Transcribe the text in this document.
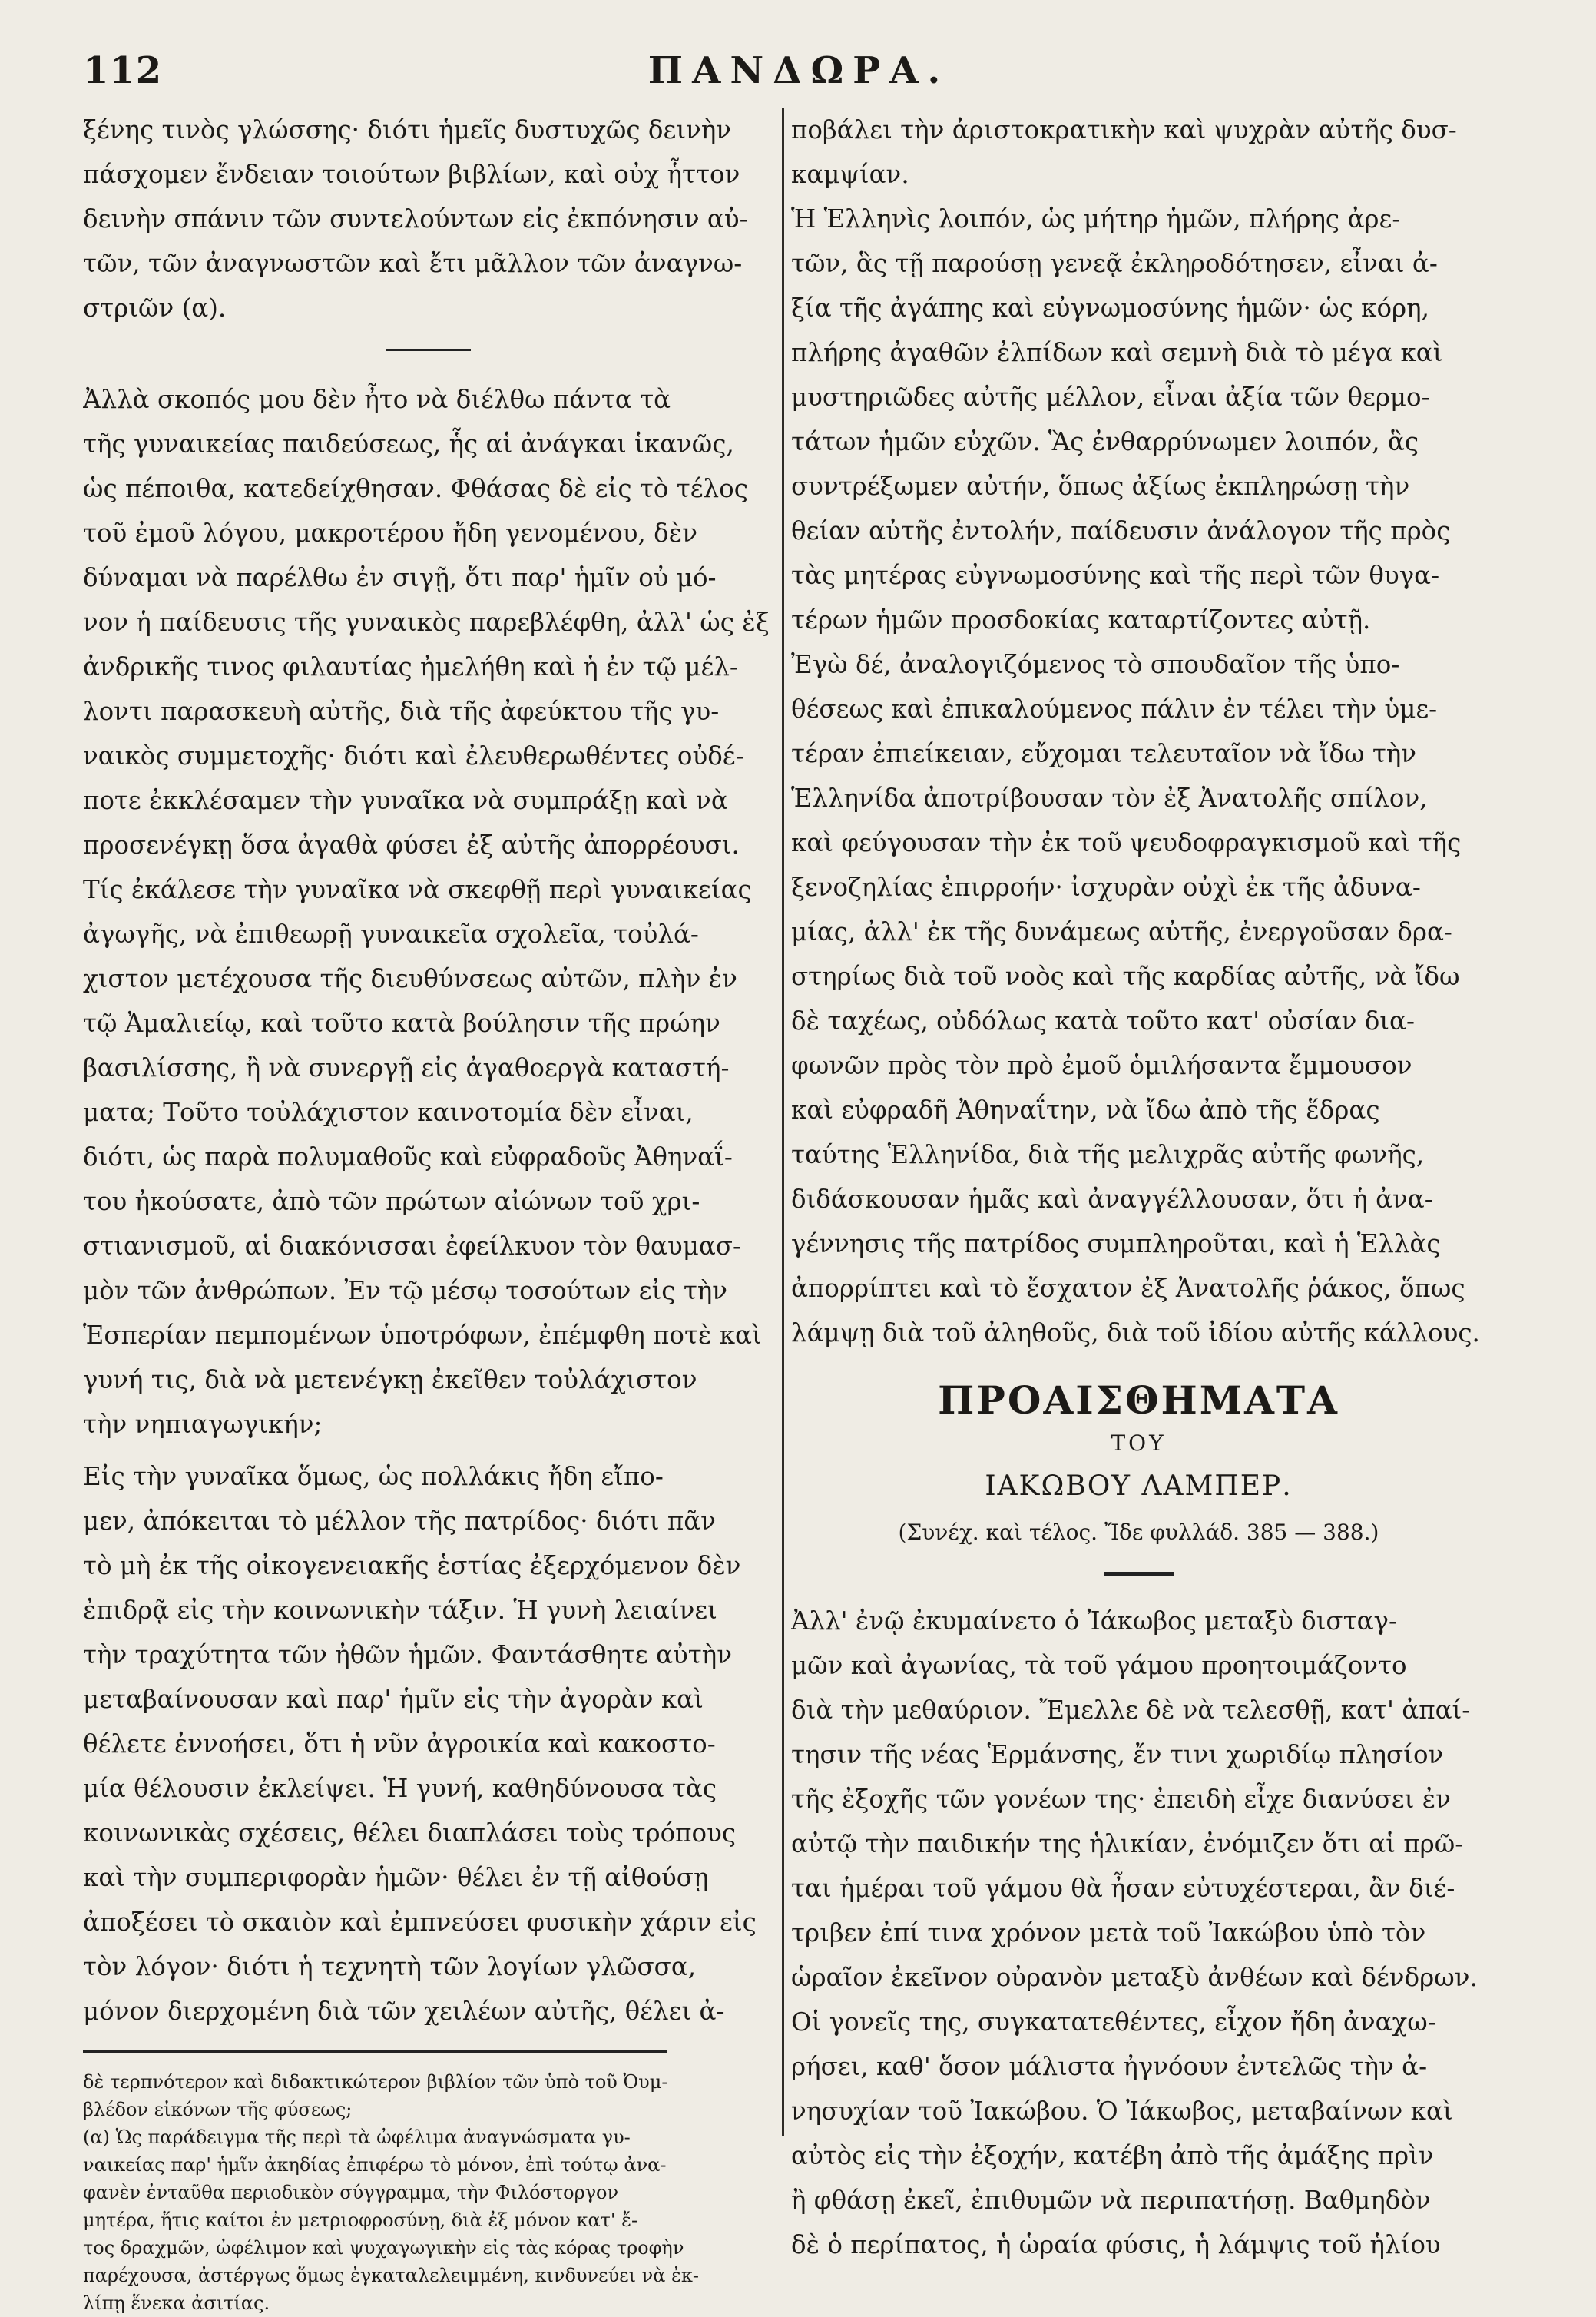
112	ΠΑΝΔΩΡΑ.
ξένης τινὸς γλώσσης· διότι ἡμεῖς δυστυχῶς δεινὴν
πάσχομεν ἔνδειαν τοιούτων βιβλίων, καὶ οὐχ ἧττον
δεινὴν σπάνιν τῶν συντελούντων εἰς ἐκπόνησιν αὐ-
τῶν, τῶν ἀναγνωστῶν καὶ ἔτι μᾶλλον τῶν ἀναγνω-
στριῶν (α).
Ἀλλὰ σκοπός μου δὲν ἦτο νὰ διέλθω πάντα τὰ
τῆς γυναικείας παιδεύσεως, ἧς αἱ ἀνάγκαι ἱκανῶς,
ὡς πέποιθα, κατεδείχθησαν. Φθάσας δὲ εἰς τὸ τέλος
τοῦ ἐμοῦ λόγου, μακροτέρου ἤδη γενομένου, δὲν
δύναμαι νὰ παρέλθω ἐν σιγῇ, ὅτι παρ' ἡμῖν οὐ μό-
νον ἡ παίδευσις τῆς γυναικὸς παρεβλέφθη, ἀλλ' ὡς ἐξ
ἀνδρικῆς τινος φιλαυτίας ἠμελήθη καὶ ἡ ἐν τῷ μέλ-
λοντι παρασκευὴ αὐτῆς, διὰ τῆς ἀφεύκτου τῆς γυ-
ναικὸς συμμετοχῆς· διότι καὶ ἐλευθερωθέντες οὐδέ-
ποτε ἐκκλέσαμεν τὴν γυναῖκα νὰ συμπράξῃ καὶ νὰ
προσενέγκῃ ὅσα ἀγαθὰ φύσει ἐξ αὐτῆς ἀπορρέουσι.
Τίς ἐκάλεσε τὴν γυναῖκα νὰ σκεφθῇ περὶ γυναικείας
ἀγωγῆς, νὰ ἐπιθεωρῇ γυναικεῖα σχολεῖα, τοὐλά-
χιστον μετέχουσα τῆς διευθύνσεως αὐτῶν, πλὴν ἐν
τῷ Ἀμαλιείῳ, καὶ τοῦτο κατὰ βούλησιν τῆς πρώην
βασιλίσσης, ἢ νὰ συνεργῇ εἰς ἀγαθοεργὰ καταστή-
ματα; Τοῦτο τοὐλάχιστον καινοτομία δὲν εἶναι,
διότι, ὡς παρὰ πολυμαθοῦς καὶ εὐφραδοῦς Ἀθηναΐ-
του ἠκούσατε, ἀπὸ τῶν πρώτων αἰώνων τοῦ χρι-
στιανισμοῦ, αἱ διακόνισσαι ἐφείλκυον τὸν θαυμασ-
μὸν τῶν ἀνθρώπων. Ἐν τῷ μέσῳ τοσούτων εἰς τὴν
Ἑσπερίαν πεμπομένων ὑποτρόφων, ἐπέμφθη ποτὲ καὶ
γυνή τις, διὰ νὰ μετενέγκῃ ἐκεῖθεν τοὐλάχιστον
τὴν νηπιαγωγικήν;
Εἰς τὴν γυναῖκα ὅμως, ὡς πολλάκις ἤδη εἴπο-
μεν, ἀπόκειται τὸ μέλλον τῆς πατρίδος· διότι πᾶν
τὸ μὴ ἐκ τῆς οἰκογενειακῆς ἑστίας ἐξερχόμενον δὲν
ἐπιδρᾷ εἰς τὴν κοινωνικὴν τάξιν. Ἡ γυνὴ λειαίνει
τὴν τραχύτητα τῶν ἠθῶν ἡμῶν. Φαντάσθητε αὐτὴν
μεταβαίνουσαν καὶ παρ' ἡμῖν εἰς τὴν ἀγορὰν καὶ
θέλετε ἐννοήσει, ὅτι ἡ νῦν ἀγροικία καὶ κακοστο-
μία θέλουσιν ἐκλείψει. Ἡ γυνή, καθηδύνουσα τὰς
κοινωνικὰς σχέσεις, θέλει διαπλάσει τοὺς τρόπους
καὶ τὴν συμπεριφορὰν ἡμῶν· θέλει ἐν τῇ αἰθούσῃ
ἀποξέσει τὸ σκαιὸν καὶ ἐμπνεύσει φυσικὴν χάριν εἰς
τὸν λόγον· διότι ἡ τεχνητὴ τῶν λογίων γλῶσσα,
μόνον διερχομένη διὰ τῶν χειλέων αὐτῆς, θέλει ἀ-
δὲ τερπνότερον καὶ διδακτικώτερον βιβλίον τῶν ὑπὸ τοῦ Ὀυμ-
βλέδον εἰκόνων τῆς φύσεως;
(α) Ὡς παράδειγμα τῆς περὶ τὰ ὠφέλιμα ἀναγνώσματα γυ-
ναικείας παρ' ἡμῖν ἀκηδίας ἐπιφέρω τὸ μόνον, ἐπὶ τούτῳ ἀνα-
φανὲν ἐνταῦθα περιοδικὸν σύγγραμμα, τὴν Φιλόστοργον
μητέρα, ἥτις καίτοι ἐν μετριοφροσύνῃ, διὰ ἐξ μόνον κατ' ἔ-
τος δραχμῶν, ὠφέλιμον καὶ ψυχαγωγικὴν εἰς τὰς κόρας τροφὴν
παρέχουσα, ἀστέργως ὅμως ἐγκαταλελειμμένη, κινδυνεύει νὰ ἐκ-
λίπῃ ἕνεκα ἀσιτίας.
ποβάλει τὴν ἀριστοκρατικὴν καὶ ψυχρὰν αὐτῆς δυσ-
καμψίαν.
Ἡ Ἑλληνὶς λοιπόν, ὡς μήτηρ ἡμῶν, πλήρης ἀρε-
τῶν, ἃς τῇ παρούσῃ γενεᾷ ἐκληροδότησεν, εἶναι ἀ-
ξία τῆς ἀγάπης καὶ εὐγνωμοσύνης ἡμῶν· ὡς κόρη,
πλήρης ἀγαθῶν ἐλπίδων καὶ σεμνὴ διὰ τὸ μέγα καὶ
μυστηριῶδες αὐτῆς μέλλον, εἶναι ἀξία τῶν θερμο-
τάτων ἡμῶν εὐχῶν. Ἃς ἐνθαρρύνωμεν λοιπόν, ἃς
συντρέξωμεν αὐτήν, ὅπως ἀξίως ἐκπληρώσῃ τὴν
θείαν αὐτῆς ἐντολήν, παίδευσιν ἀνάλογον τῆς πρὸς
τὰς μητέρας εὐγνωμοσύνης καὶ τῆς περὶ τῶν θυγα-
τέρων ἡμῶν προσδοκίας καταρτίζοντες αὐτῇ.
Ἐγὼ δέ, ἀναλογιζόμενος τὸ σπουδαῖον τῆς ὑπο-
θέσεως καὶ ἐπικαλούμενος πάλιν ἐν τέλει τὴν ὑμε-
τέραν ἐπιείκειαν, εὔχομαι τελευταῖον νὰ ἴδω τὴν
Ἑλληνίδα ἀποτρίβουσαν τὸν ἐξ Ἀνατολῆς σπίλον,
καὶ φεύγουσαν τὴν ἐκ τοῦ ψευδοφραγκισμοῦ καὶ τῆς
ξενοζηλίας ἐπιρροήν· ἰσχυρὰν οὐχὶ ἐκ τῆς ἀδυνα-
μίας, ἀλλ' ἐκ τῆς δυνάμεως αὐτῆς, ἐνεργοῦσαν δρα-
στηρίως διὰ τοῦ νοὸς καὶ τῆς καρδίας αὐτῆς, νὰ ἴδω
δὲ ταχέως, οὐδόλως κατὰ τοῦτο κατ' οὐσίαν δια-
φωνῶν πρὸς τὸν πρὸ ἐμοῦ ὁμιλήσαντα ἔμμουσον
καὶ εὐφραδῆ Ἀθηναΐτην, νὰ ἴδω ἀπὸ τῆς ἕδρας
ταύτης Ἑλληνίδα, διὰ τῆς μελιχρᾶς αὐτῆς φωνῆς,
διδάσκουσαν ἡμᾶς καὶ ἀναγγέλλουσαν, ὅτι ἡ ἀνα-
γέννησις τῆς πατρίδος συμπληροῦται, καὶ ἡ Ἑλλὰς
ἀπορρίπτει καὶ τὸ ἔσχατον ἐξ Ἀνατολῆς ῥάκος, ὅπως
λάμψῃ διὰ τοῦ ἀληθοῦς, διὰ τοῦ ἰδίου αὐτῆς κάλλους.
ΠΡΟΑΙΣΘΗΜΑΤΑ
ΤΟΥ
ΙΑΚΩΒΟΥ ΛΑΜΠΕΡ.
(Συνέχ. καὶ τέλος. Ἴδε φυλλάδ. 385 — 388.)
Ἀλλ' ἐνῷ ἐκυμαίνετο ὁ Ἰάκωβος μεταξὺ δισταγ-
μῶν καὶ ἀγωνίας, τὰ τοῦ γάμου προητοιμάζοντο
διὰ τὴν μεθαύριον. Ἔμελλε δὲ νὰ τελεσθῇ, κατ' ἀπαί-
τησιν τῆς νέας Ἑρμάνσης, ἔν τινι χωριδίῳ πλησίον
τῆς ἐξοχῆς τῶν γονέων της· ἐπειδὴ εἶχε διανύσει ἐν
αὐτῷ τὴν παιδικήν της ἡλικίαν, ἐνόμιζεν ὅτι αἱ πρῶ-
ται ἡμέραι τοῦ γάμου θὰ ἦσαν εὐτυχέστεραι, ἂν διέ-
τριβεν ἐπί τινα χρόνον μετὰ τοῦ Ἰακώβου ὑπὸ τὸν
ὡραῖον ἐκεῖνον οὐρανὸν μεταξὺ ἀνθέων καὶ δένδρων.
Οἱ γονεῖς της, συγκατατεθέντες, εἶχον ἤδη ἀναχω-
ρήσει, καθ' ὅσον μάλιστα ἠγνόουν ἐντελῶς τὴν ἀ-
νησυχίαν τοῦ Ἰακώβου. Ὁ Ἰάκωβος, μεταβαίνων καὶ
αὐτὸς εἰς τὴν ἐξοχήν, κατέβη ἀπὸ τῆς ἀμάξης πρὶν
ἢ φθάσῃ ἐκεῖ, ἐπιθυμῶν νὰ περιπατήσῃ. Βαθμηδὸν
δὲ ὁ περίπατος, ἡ ὡραία φύσις, ἡ λάμψις τοῦ ἡλίου
